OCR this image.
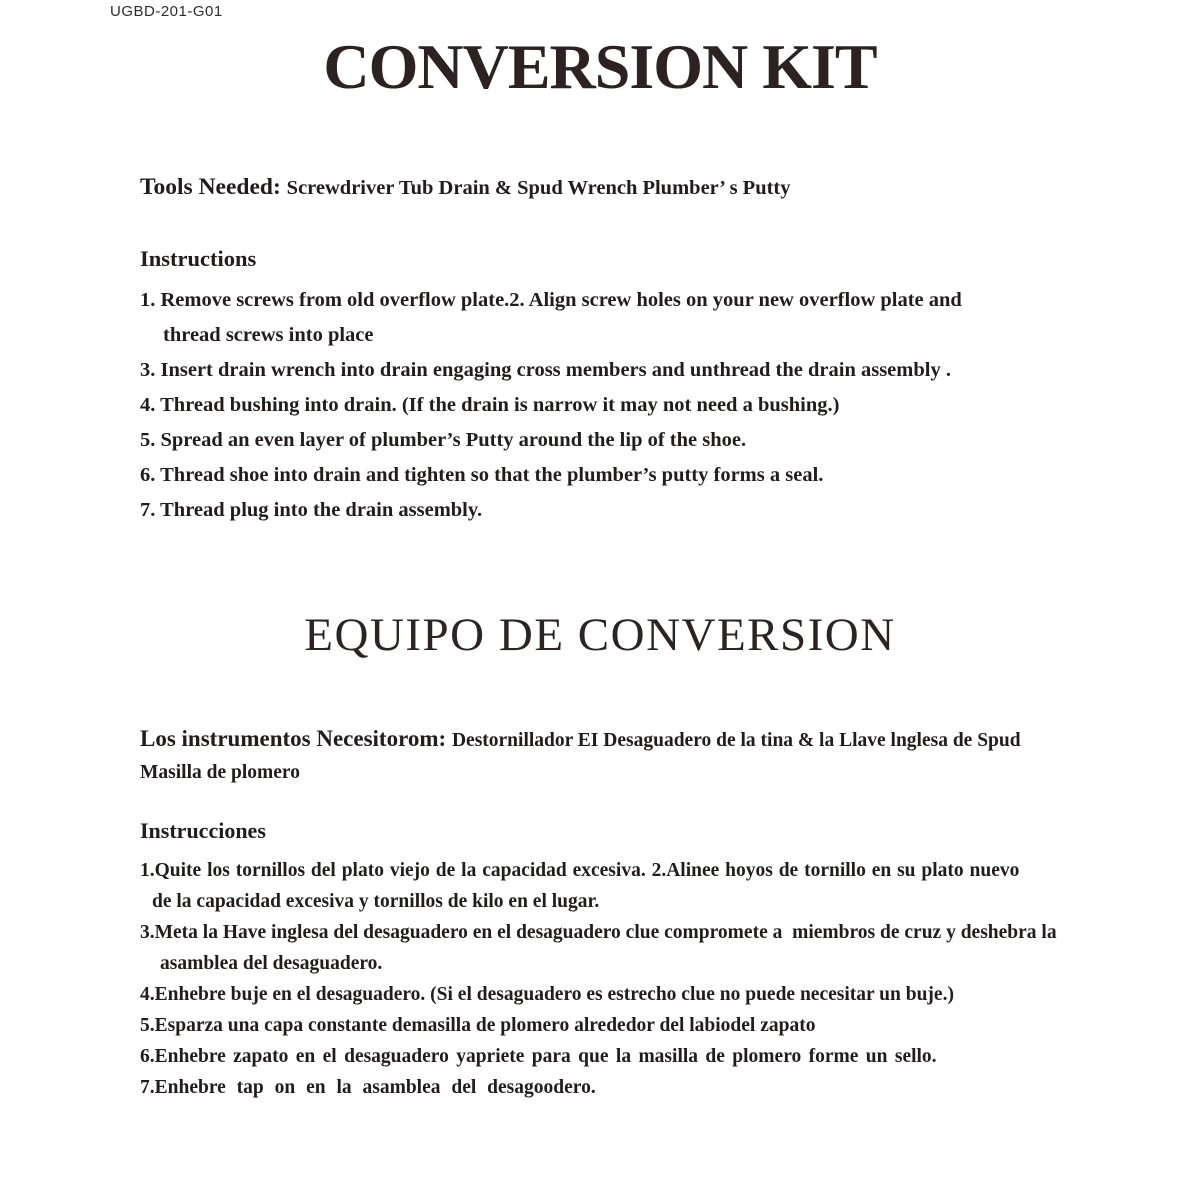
UGBD-201-G01
CONVERSION KIT
Tools Needed: Screwdriver Tub Drain & Spud Wrench Plumber’ s Putty
Instructions
1. Remove screws from old overflow plate.2. Align screw holes on your new overflow plate and
thread screws into place
3. Insert drain wrench into drain engaging cross members and unthread the drain assembly .
4. Thread bushing into drain. (If the drain is narrow it may not need a bushing.)
5. Spread an even layer of plumber’s Putty around the lip of the shoe.
6. Thread shoe into drain and tighten so that the plumber’s putty forms a seal.
7. Thread plug into the drain assembly.
EQUIPO DE CONVERSION
Los instrumentos Necesitorom: Destornillador EI Desaguadero de la tina & la Llave lnglesa de Spud
Masilla de plomero
Instrucciones
1.Quite los tornillos del plato viejo de la capacidad excesiva. 2.Alinee hoyos de tornillo en su plato nuevo
de la capacidad excesiva y tornillos de kilo en el lugar.
3.Meta la Have inglesa del desaguadero en el desaguadero clue compromete a  miembros de cruz y deshebra la
asamblea del desaguadero.
4.Enhebre buje en el desaguadero. (Si el desaguadero es estrecho clue no puede necesitar un buje.)
5.Esparza una capa constante demasilla de plomero alrededor del labiodel zapato
6.Enhebre zapato en el desaguadero yapriete para que la masilla de plomero forme un sello.
7.Enhebre tap on en la asamblea del desagoodero.
